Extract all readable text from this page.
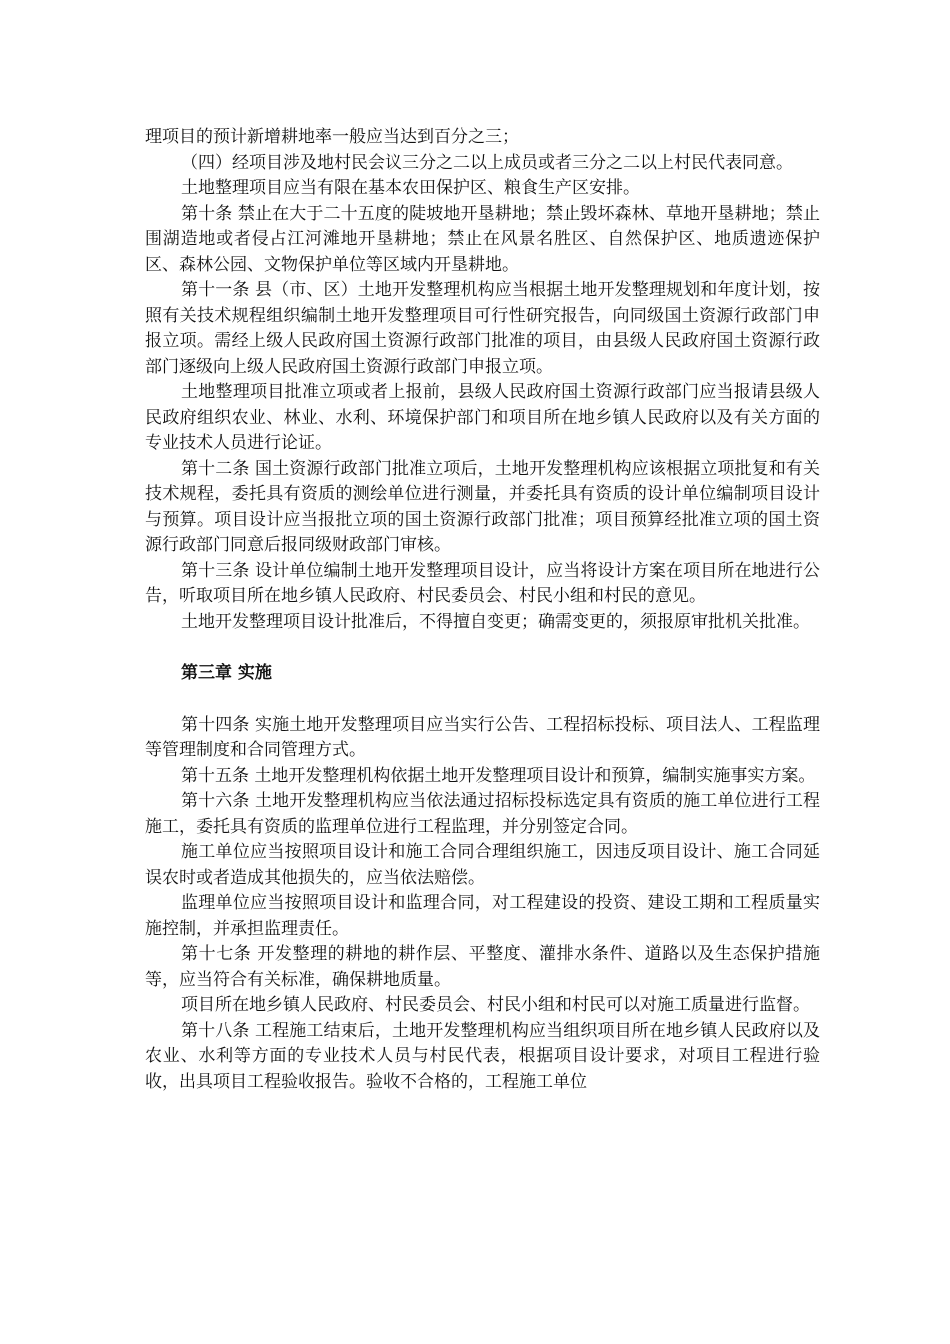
理项目的预计新增耕地率一般应当达到百分之三；

（四）经项目涉及地村民会议三分之二以上成员或者三分之二以上村民代表同意。

土地整理项目应当有限在基本农田保护区、粮食生产区安排。

第十条 禁止在大于二十五度的陡坡地开垦耕地；禁止毁坏森林、草地开垦耕地；禁止围湖造地或者侵占江河滩地开垦耕地；禁止在风景名胜区、自然保护区、地质遗迹保护区、森林公园、文物保护单位等区域内开垦耕地。

第十一条 县（市、区）土地开发整理机构应当根据土地开发整理规划和年度计划，按照有关技术规程组织编制土地开发整理项目可行性研究报告，向同级国土资源行政部门申报立项。需经上级人民政府国土资源行政部门批准的项目，由县级人民政府国土资源行政部门逐级向上级人民政府国土资源行政部门申报立项。

土地整理项目批准立项或者上报前，县级人民政府国土资源行政部门应当报请县级人民政府组织农业、林业、水利、环境保护部门和项目所在地乡镇人民政府以及有关方面的专业技术人员进行论证。

第十二条 国土资源行政部门批准立项后，土地开发整理机构应该根据立项批复和有关技术规程，委托具有资质的测绘单位进行测量，并委托具有资质的设计单位编制项目设计与预算。项目设计应当报批立项的国土资源行政部门批准；项目预算经批准立项的国土资源行政部门同意后报同级财政部门审核。

第十三条 设计单位编制土地开发整理项目设计，应当将设计方案在项目所在地进行公告，听取项目所在地乡镇人民政府、村民委员会、村民小组和村民的意见。

土地开发整理项目设计批准后，不得擅自变更；确需变更的，须报原审批机关批准。

第三章 实施

第十四条 实施土地开发整理项目应当实行公告、工程招标投标、项目法人、工程监理等管理制度和合同管理方式。

第十五条 土地开发整理机构依据土地开发整理项目设计和预算，编制实施事实方案。

第十六条 土地开发整理机构应当依法通过招标投标选定具有资质的施工单位进行工程施工，委托具有资质的监理单位进行工程监理，并分别签定合同。

施工单位应当按照项目设计和施工合同合理组织施工，因违反项目设计、施工合同延误农时或者造成其他损失的，应当依法赔偿。

监理单位应当按照项目设计和监理合同，对工程建设的投资、建设工期和工程质量实施控制，并承担监理责任。

第十七条 开发整理的耕地的耕作层、平整度、灌排水条件、道路以及生态保护措施等，应当符合有关标准，确保耕地质量。

项目所在地乡镇人民政府、村民委员会、村民小组和村民可以对施工质量进行监督。

第十八条 工程施工结束后，土地开发整理机构应当组织项目所在地乡镇人民政府以及农业、水利等方面的专业技术人员与村民代表，根据项目设计要求，对项目工程进行验收，出具项目工程验收报告。验收不合格的，工程施工单位
